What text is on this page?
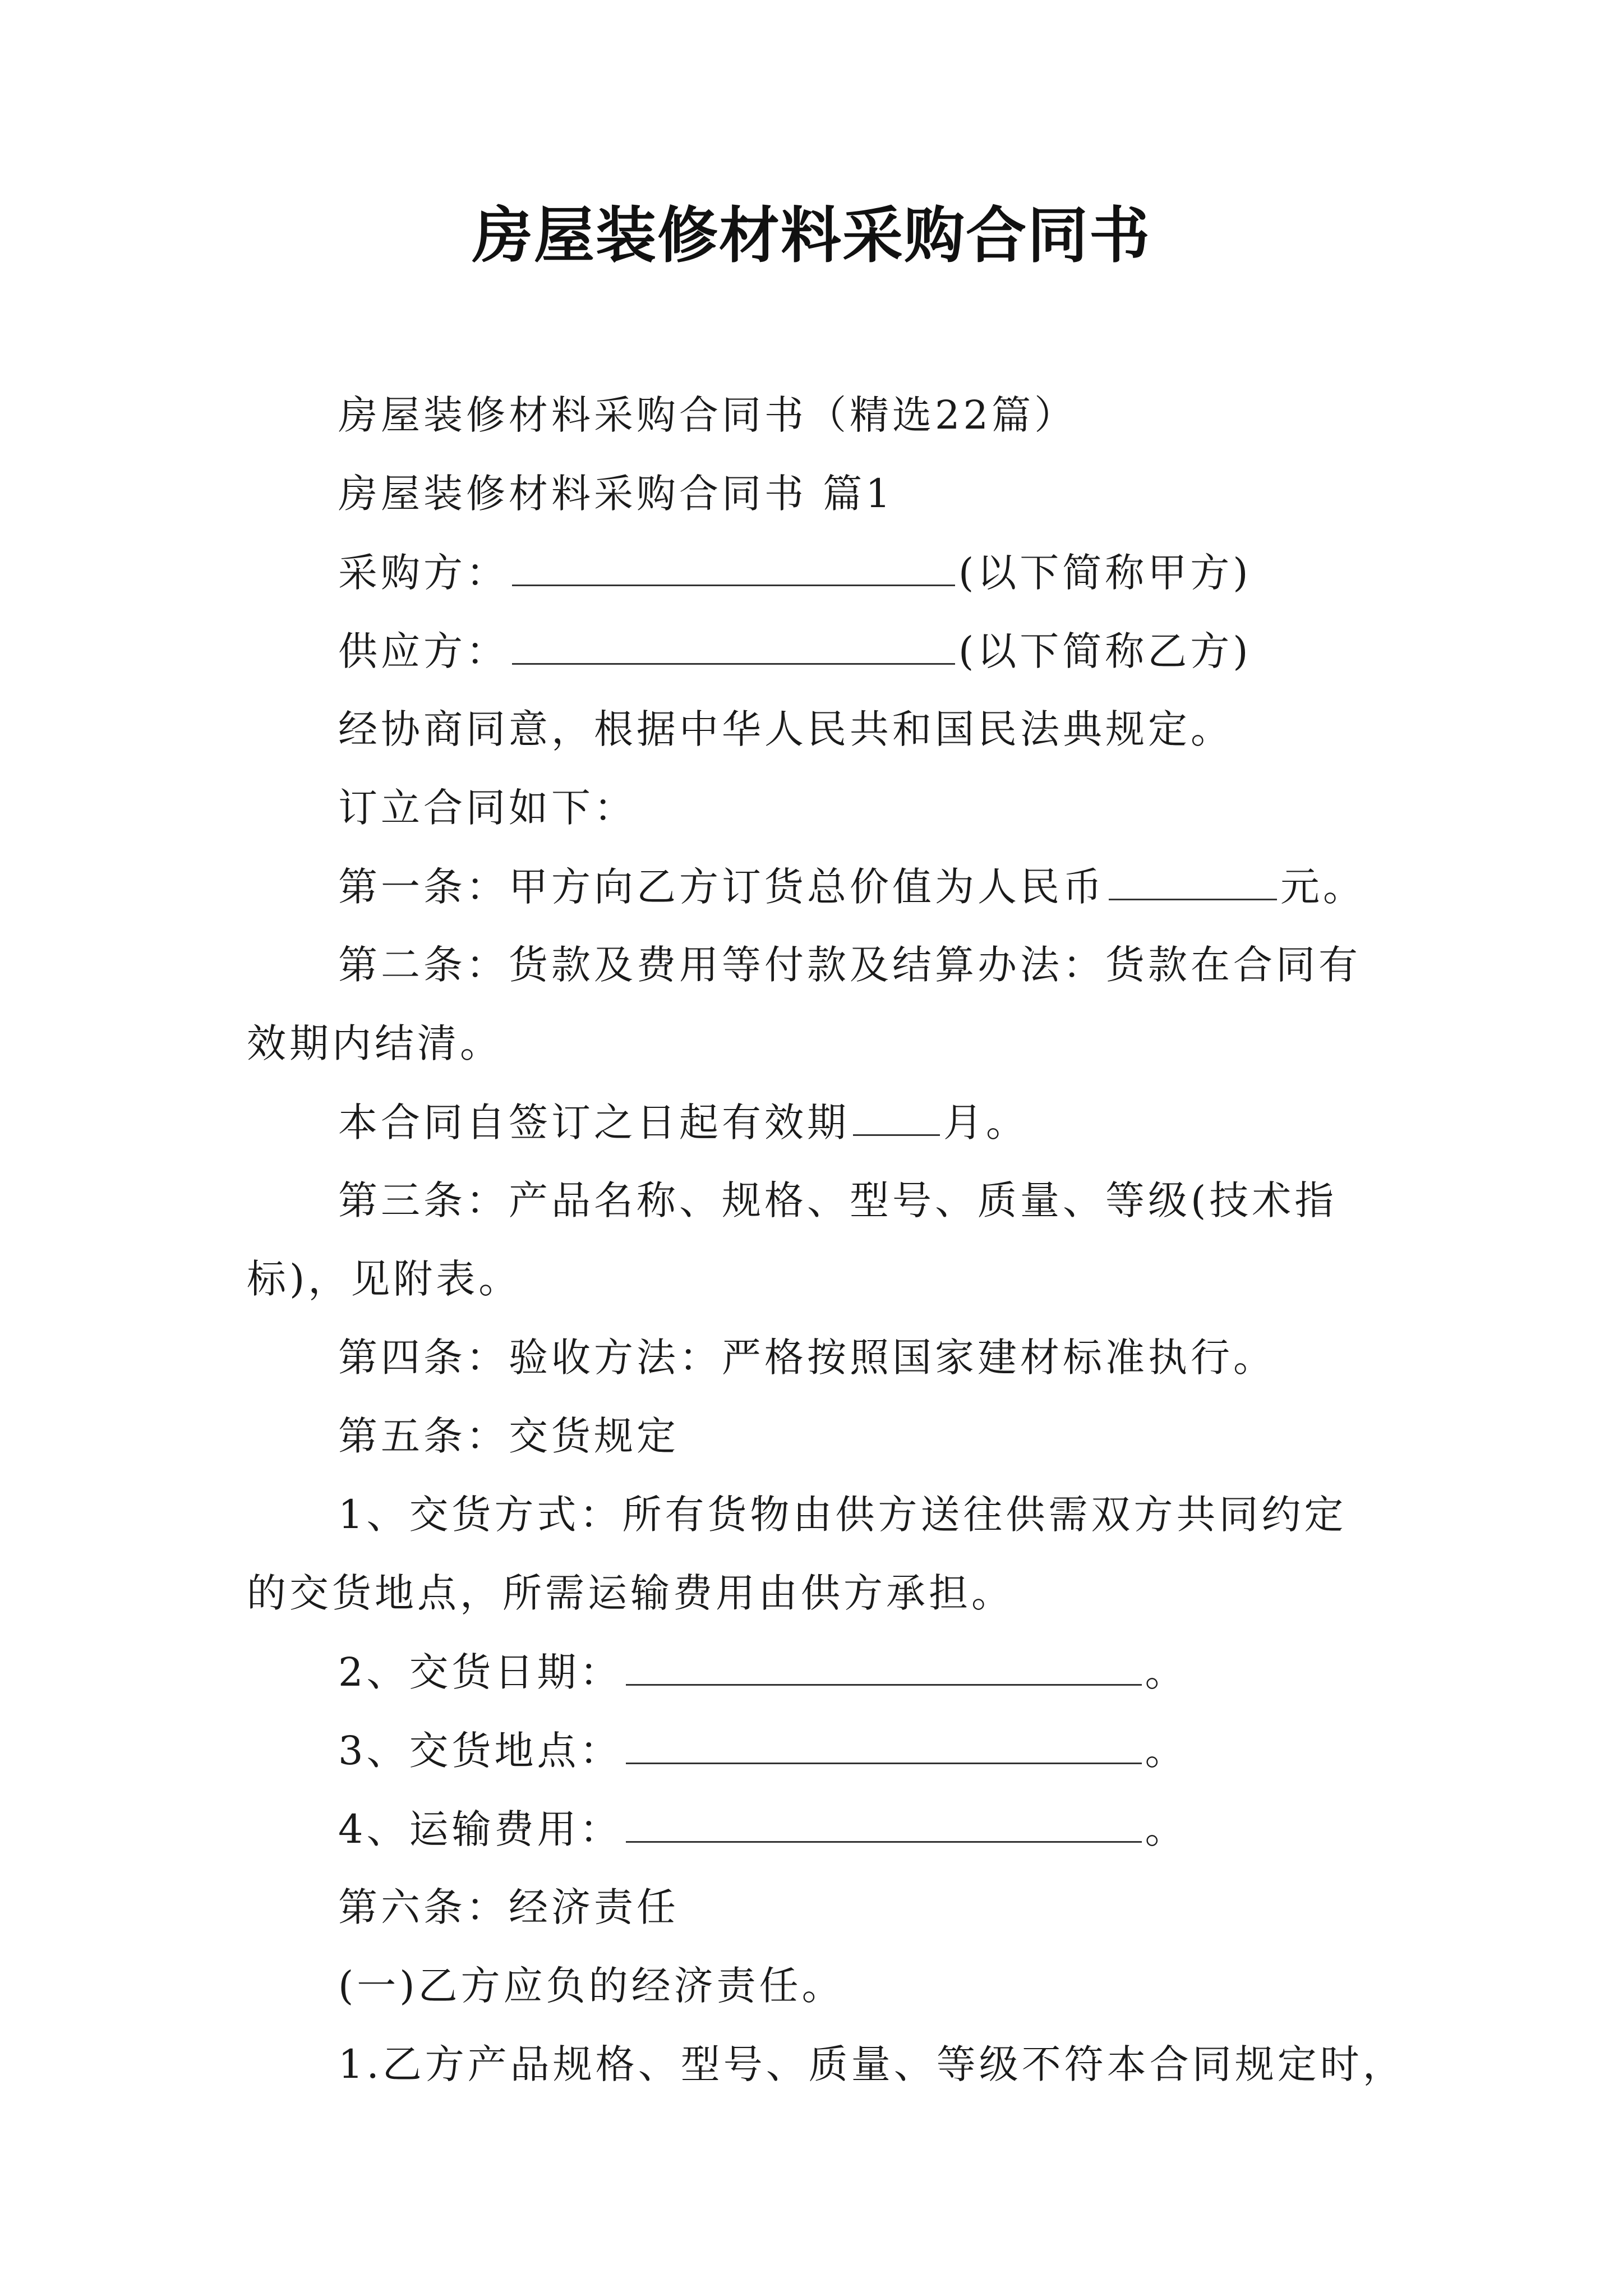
房屋装修材料采购合同书
房屋装修材料采购合同书（精选22篇）
房屋装修材料采购合同书 篇1
采购方：	(以下简称甲方)
供应方：	(以下简称乙方)
经协商同意，根据中华人民共和国民法典规定。
订立合同如下：
第一条：甲方向乙方订货总价值为人民币	元。
第二条：货款及费用等付款及结算办法：货款在合同有
效期内结清。
本合同自签订之日起有效期 月。
第三条：产品名称、规格、型号、质量、等级(技术指
标)，见附表。
第四条：验收方法：严格按照国家建材标准执行。
第五条：交货规定
1、交货方式：所有货物由供方送往供需双方共同约定
的交货地点，所需运输费用由供方承担。
2、交货日期：	。
3、交货地点：	。
4、运输费用：	。
第六条：经济责任
(一)乙方应负的经济责任。
1.乙方产品规格、型号、质量、等级不符本合同规定时，
